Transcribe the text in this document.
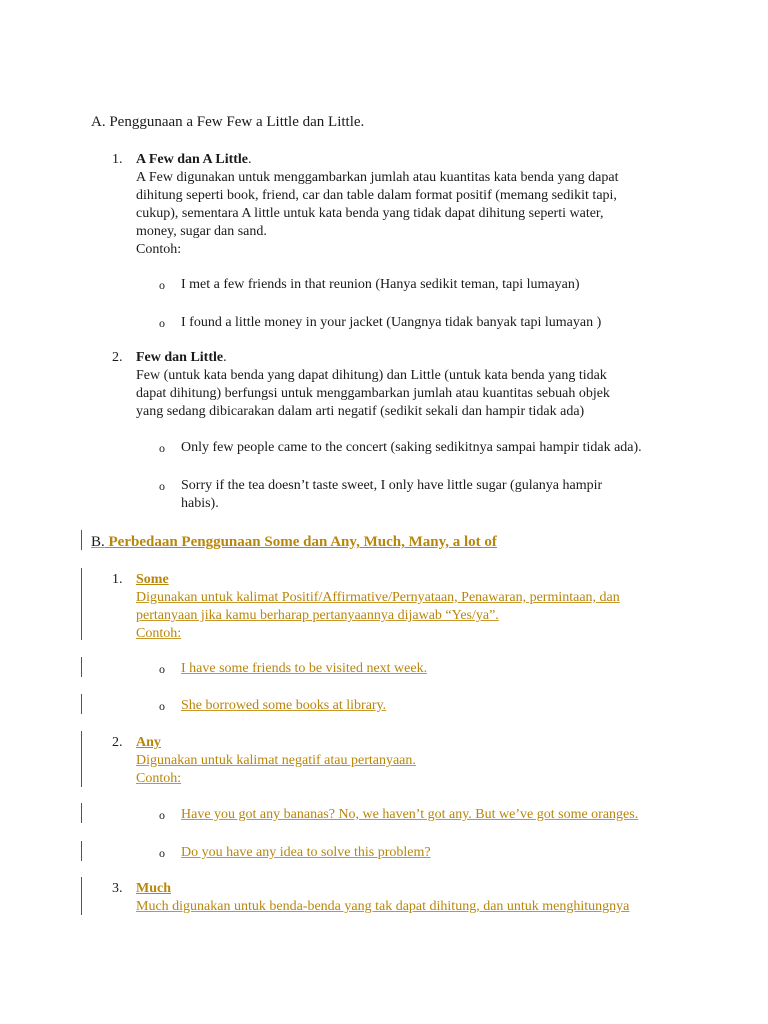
A. Penggunaan a Few Few a Little dan Little.
1. A Few dan A Little.
A Few digunakan untuk menggambarkan jumlah atau kuantitas kata benda yang dapat
dihitung seperti book, friend, car dan table dalam format positif (memang sedikit tapi,
cukup), sementara A little untuk kata benda yang tidak dapat dihitung seperti water,
money, sugar dan sand.
Contoh:
o I met a few friends in that reunion (Hanya sedikit teman, tapi lumayan)
o I found a little money in your jacket (Uangnya tidak banyak tapi lumayan )
2. Few dan Little.
Few (untuk kata benda yang dapat dihitung) dan Little (untuk kata benda yang tidak
dapat dihitung) berfungsi untuk menggambarkan jumlah atau kuantitas sebuah objek
yang sedang dibicarakan dalam arti negatif (sedikit sekali dan hampir tidak ada)
o Only few people came to the concert (saking sedikitnya sampai hampir tidak ada).
o Sorry if the tea doesn’t taste sweet, I only have little sugar (gulanya hampir
habis).
B. Perbedaan Penggunaan Some dan Any, Much, Many, a lot of
1. Some
Digunakan untuk kalimat Positif/Affirmative/Pernyataan, Penawaran, permintaan, dan
pertanyaan jika kamu berharap pertanyaannya dijawab “Yes/ya”.
Contoh:
o I have some friends to be visited next week.
o She borrowed some books at library.
2. Any
Digunakan untuk kalimat negatif atau pertanyaan.
Contoh:
o Have you got any bananas? No, we haven’t got any. But we’ve got some oranges.
o Do you have any idea to solve this problem?
3. Much
Much digunakan untuk benda-benda yang tak dapat dihitung, dan untuk menghitungnya
